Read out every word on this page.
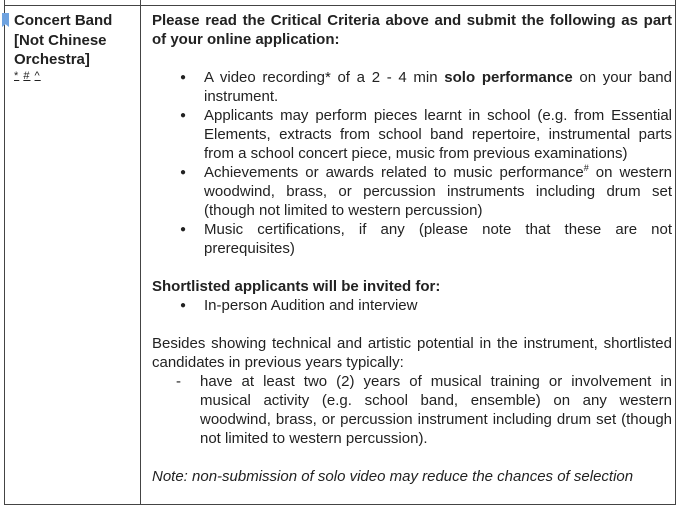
Concert Band
[Not Chinese
Orchestra]
* # ^
Please read the Critical Criteria above and submit the following as part of your online application:
● A video recording* of a 2 - 4 min solo performance on your band instrument.
● Applicants may perform pieces learnt in school (e.g. from Essential Elements, extracts from school band repertoire, instrumental parts from a school concert piece, music from previous examinations)
● Achievements or awards related to music performance# on western woodwind, brass, or percussion instruments including drum set (though not limited to western percussion)
● Music certifications, if any (please note that these are not prerequisites)
Shortlisted applicants will be invited for:
● In-person Audition and interview
Besides showing technical and artistic potential in the instrument, shortlisted candidates in previous years typically:
- have at least two (2) years of musical training or involvement in musical activity (e.g. school band, ensemble) on any western woodwind, brass, or percussion instrument including drum set (though not limited to western percussion).
Note: non-submission of solo video may reduce the chances of selection
